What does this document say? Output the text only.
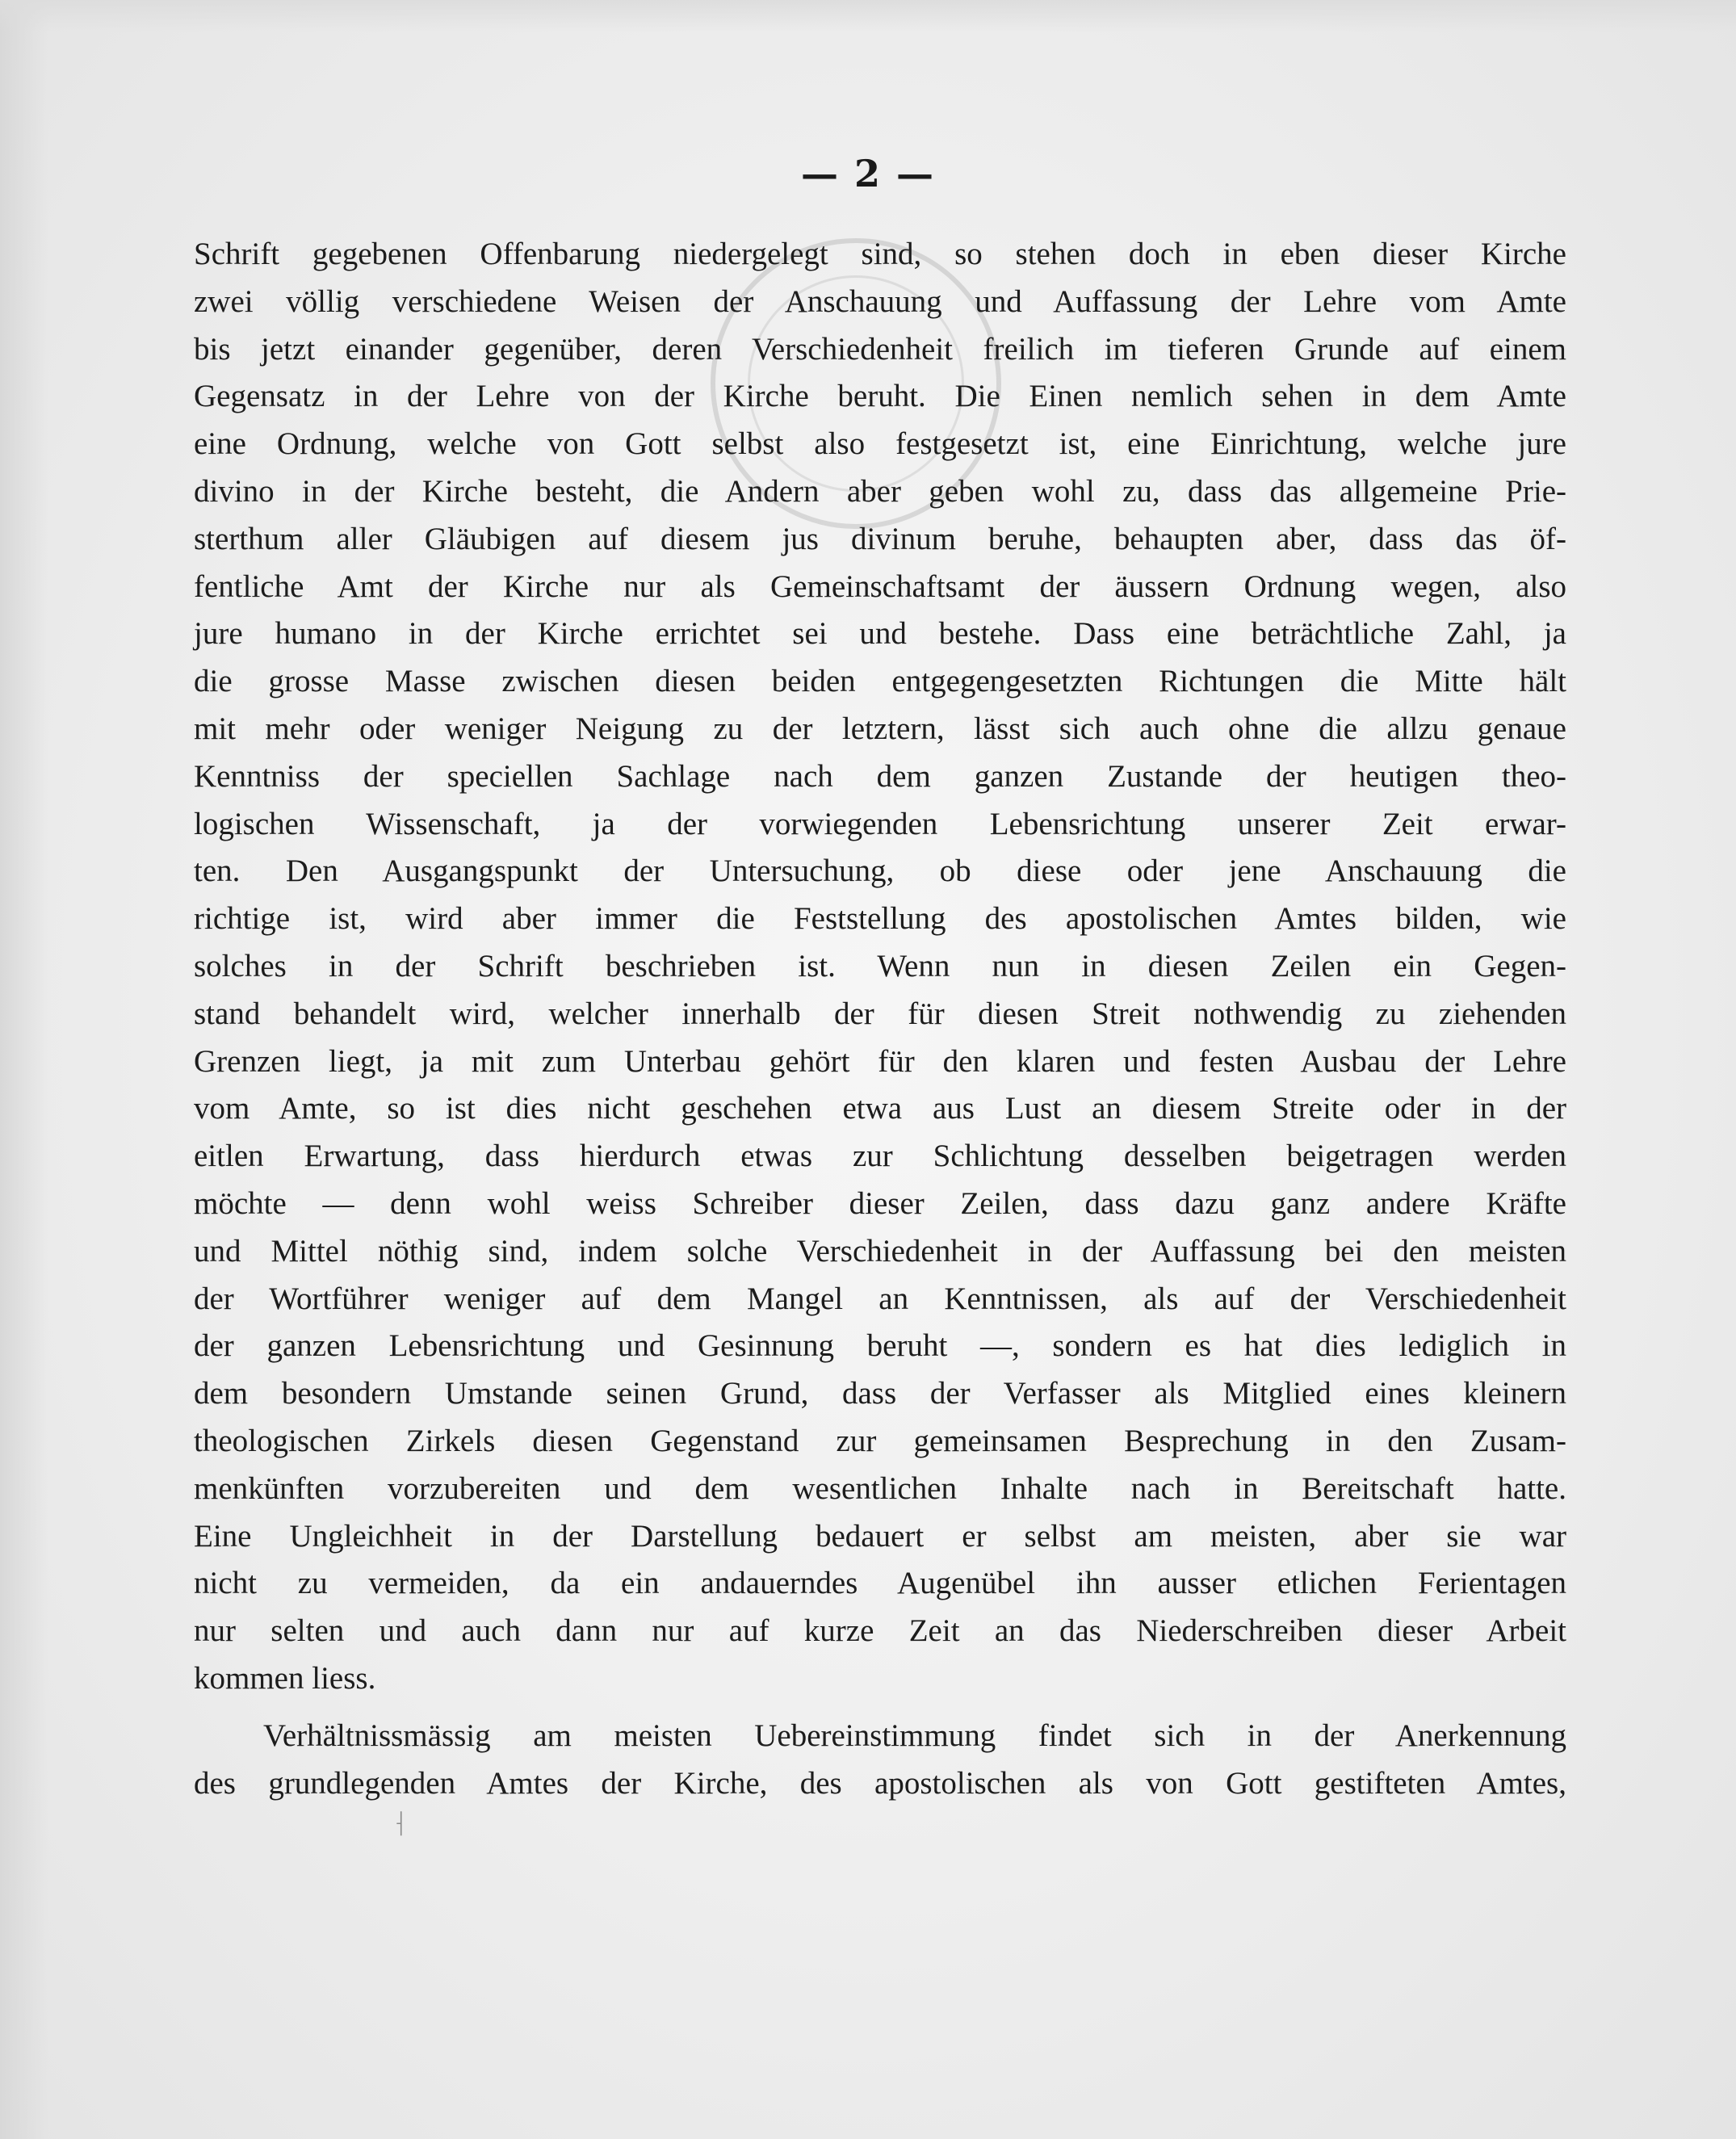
— 2 —
Schrift gegebenen Offenbarung niedergelegt sind, so stehen doch in eben dieser Kirche
zwei völlig verschiedene Weisen der Anschauung und Auffassung der Lehre vom Amte
bis jetzt einander gegenüber, deren Verschiedenheit freilich im tieferen Grunde auf einem
Gegensatz in der Lehre von der Kirche beruht. Die Einen nemlich sehen in dem Amte
eine Ordnung, welche von Gott selbst also festgesetzt ist, eine Einrichtung, welche jure
divino in der Kirche besteht, die Andern aber geben wohl zu, dass das allgemeine Prie-
sterthum aller Gläubigen auf diesem jus divinum beruhe, behaupten aber, dass das öf-
fentliche Amt der Kirche nur als Gemeinschaftsamt der äussern Ordnung wegen, also
jure humano in der Kirche errichtet sei und bestehe. Dass eine beträchtliche Zahl, ja
die grosse Masse zwischen diesen beiden entgegengesetzten Richtungen die Mitte hält
mit mehr oder weniger Neigung zu der letztern, lässt sich auch ohne die allzu genaue
Kenntniss der speciellen Sachlage nach dem ganzen Zustande der heutigen theo-
logischen Wissenschaft, ja der vorwiegenden Lebensrichtung unserer Zeit erwar-
ten. Den Ausgangspunkt der Untersuchung, ob diese oder jene Anschauung die
richtige ist, wird aber immer die Feststellung des apostolischen Amtes bilden, wie
solches in der Schrift beschrieben ist. Wenn nun in diesen Zeilen ein Gegen-
stand behandelt wird, welcher innerhalb der für diesen Streit nothwendig zu ziehenden
Grenzen liegt, ja mit zum Unterbau gehört für den klaren und festen Ausbau der Lehre
vom Amte, so ist dies nicht geschehen etwa aus Lust an diesem Streite oder in der
eitlen Erwartung, dass hierdurch etwas zur Schlichtung desselben beigetragen werden
möchte — denn wohl weiss Schreiber dieser Zeilen, dass dazu ganz andere Kräfte
und Mittel nöthig sind, indem solche Verschiedenheit in der Auffassung bei den meisten
der Wortführer weniger auf dem Mangel an Kenntnissen, als auf der Verschiedenheit
der ganzen Lebensrichtung und Gesinnung beruht —, sondern es hat dies lediglich in
dem besondern Umstande seinen Grund, dass der Verfasser als Mitglied eines kleinern
theologischen Zirkels diesen Gegenstand zur gemeinsamen Besprechung in den Zusam-
menkünften vorzubereiten und dem wesentlichen Inhalte nach in Bereitschaft hatte.
Eine Ungleichheit in der Darstellung bedauert er selbst am meisten, aber sie war
nicht zu vermeiden, da ein andauerndes Augenübel ihn ausser etlichen Ferientagen
nur selten und auch dann nur auf kurze Zeit an das Niederschreiben dieser Arbeit
kommen liess.
Verhältnissmässig am meisten Uebereinstimmung findet sich in der Anerkennung
des grundlegenden Amtes der Kirche, des apostolischen als von Gott gestifteten Amtes,
⸡
